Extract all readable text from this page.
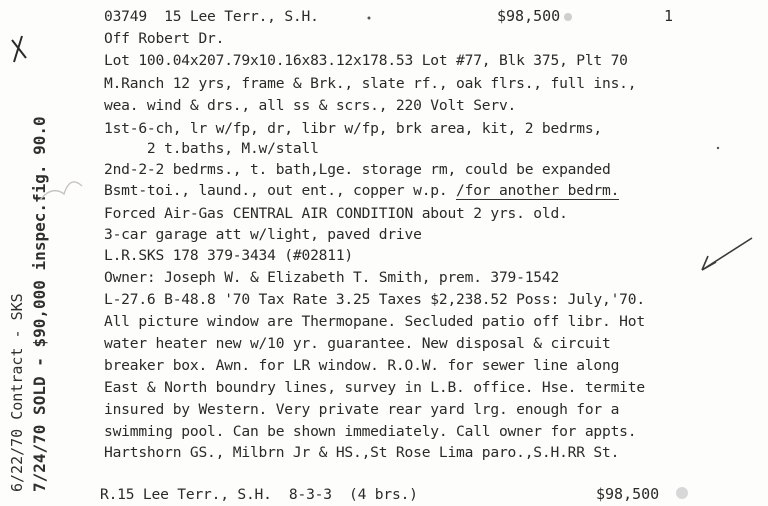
03749 15 Lee Terr., S.H.	$98,500	1
Off Robert Dr.
Lot 100.04x207.79x10.16x83.12x178.53 Lot #77, Blk 375, Plt 70
M.Ranch 12 yrs, frame & Brk., slate rf., oak flrs., full ins.,
wea. wind & drs., all ss & scrs., 220 Volt Serv.
1st-6-ch, lr w/fp, dr, libr w/fp, brk area, kit, 2 bedrms,
2 t.baths, M.w/stall
2nd-2-2 bedrms., t. bath,Lge. storage rm, could be expanded
Bsmt-toi., laund., out ent., copper w.p. /for another bedrm.
Forced Air-Gas CENTRAL AIR CONDITION about 2 yrs. old.
3-car garage att w/light, paved drive
L.R.SKS 178 379-3434 (#02811)
Owner: Joseph W. & Elizabeth T. Smith, prem. 379-1542
L-27.6 B-48.8 '70 Tax Rate 3.25 Taxes $2,238.52 Poss: July,'70.
All picture window are Thermopane. Secluded patio off libr. Hot
water heater new w/10 yr. guarantee. New disposal & circuit
breaker box. Awn. for LR window. R.O.W. for sewer line along
East & North boundry lines, survey in L.B. office. Hse. termite
insured by Western. Very private rear yard lrg. enough for a
swimming pool. Can be shown immediately. Call owner for appts.
Hartshorn GS., Milbrn Jr & HS.,St Rose Lima paro.,S.H.RR St.
R.15 Lee Terr., S.H. 8-3-3 (4 brs.)	$98,500
6/22/70 Contract - SKS 7/24/70 SOLD - $90,000 inspec.fig. 90.0
